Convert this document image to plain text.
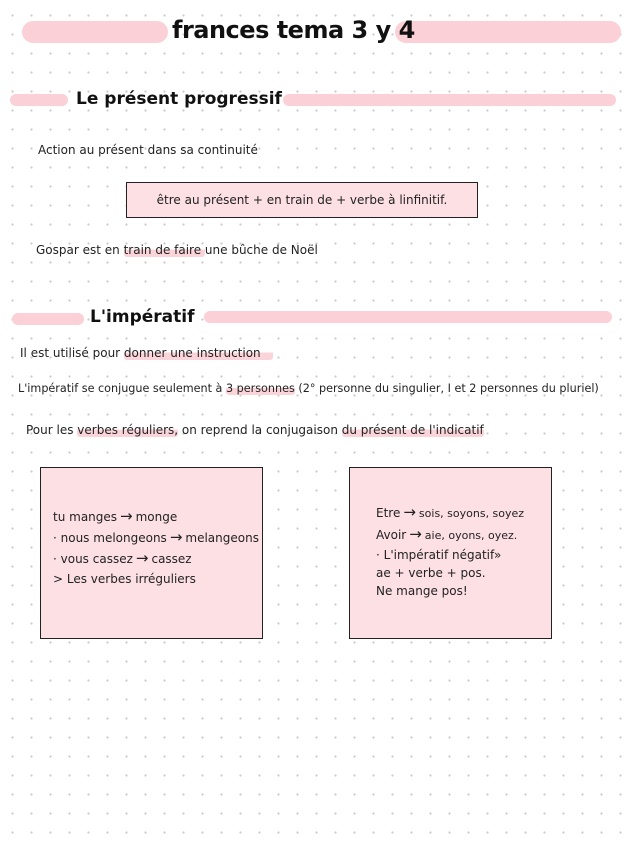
frances tema 3 y 4
Le présent progressif
Action au présent dans sa continuité
être au présent + en train de + verbe à linfinitif.
Gospar est en train de faire une bûche de Noël
L'impératif
Il est utilisé pour donner une instruction
L'impératif se conjugue seulement à 3 personnes (2° personne du singulier, I et 2 personnes du pluriel)
Pour les verbes réguliers, on reprend la conjugaison du présent de l'indicatif
tu manges → monge
· nous melongeons → melangeons
· vous cassez → cassez
> Les verbes irréguliers
Etre → sois, soyons, soyez
Avoir → aie, oyons, oyez.
· L'impératif négatif»
ae + verbe + pos.
Ne mange pos!
